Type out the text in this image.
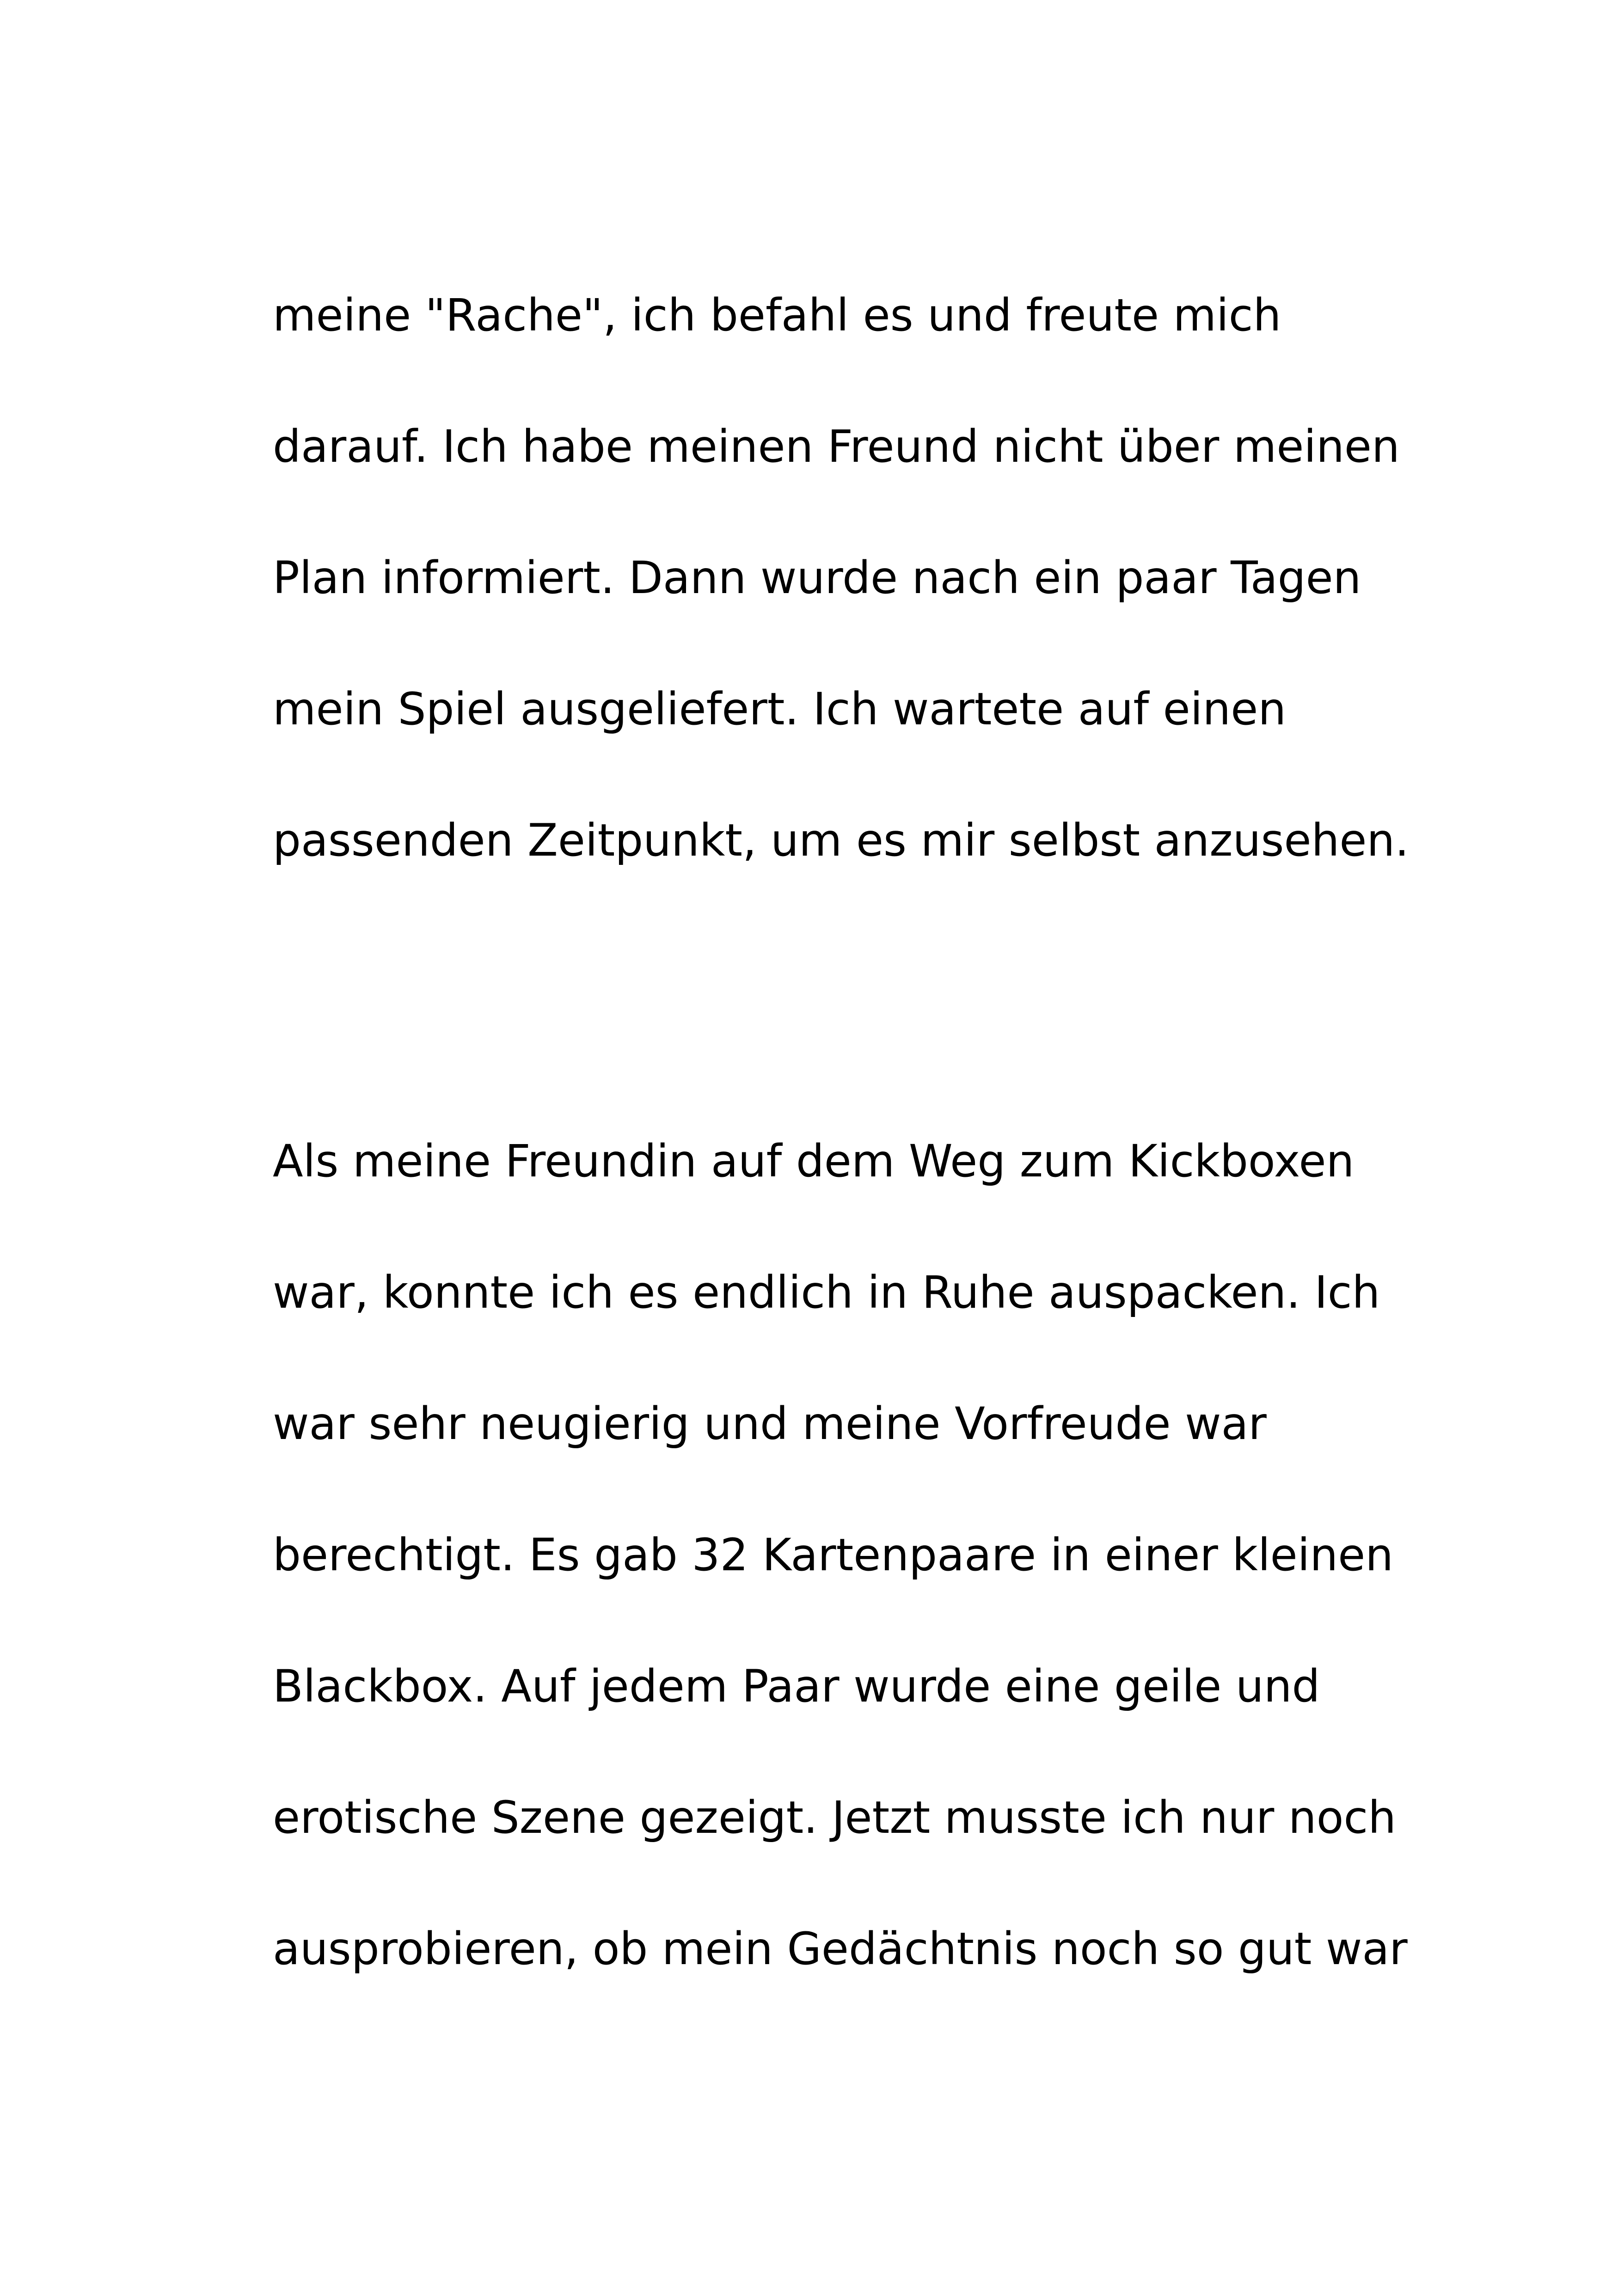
meine "Rache", ich befahl es und freute mich
darauf. Ich habe meinen Freund nicht über meinen
Plan informiert. Dann wurde nach ein paar Tagen
mein Spiel ausgeliefert. Ich wartete auf einen
passenden Zeitpunkt, um es mir selbst anzusehen.

Als meine Freundin auf dem Weg zum Kickboxen
war, konnte ich es endlich in Ruhe auspacken. Ich
war sehr neugierig und meine Vorfreude war
berechtigt. Es gab 32 Kartenpaare in einer kleinen
Blackbox. Auf jedem Paar wurde eine geile und
erotische Szene gezeigt. Jetzt musste ich nur noch
ausprobieren, ob mein Gedächtnis noch so gut war
